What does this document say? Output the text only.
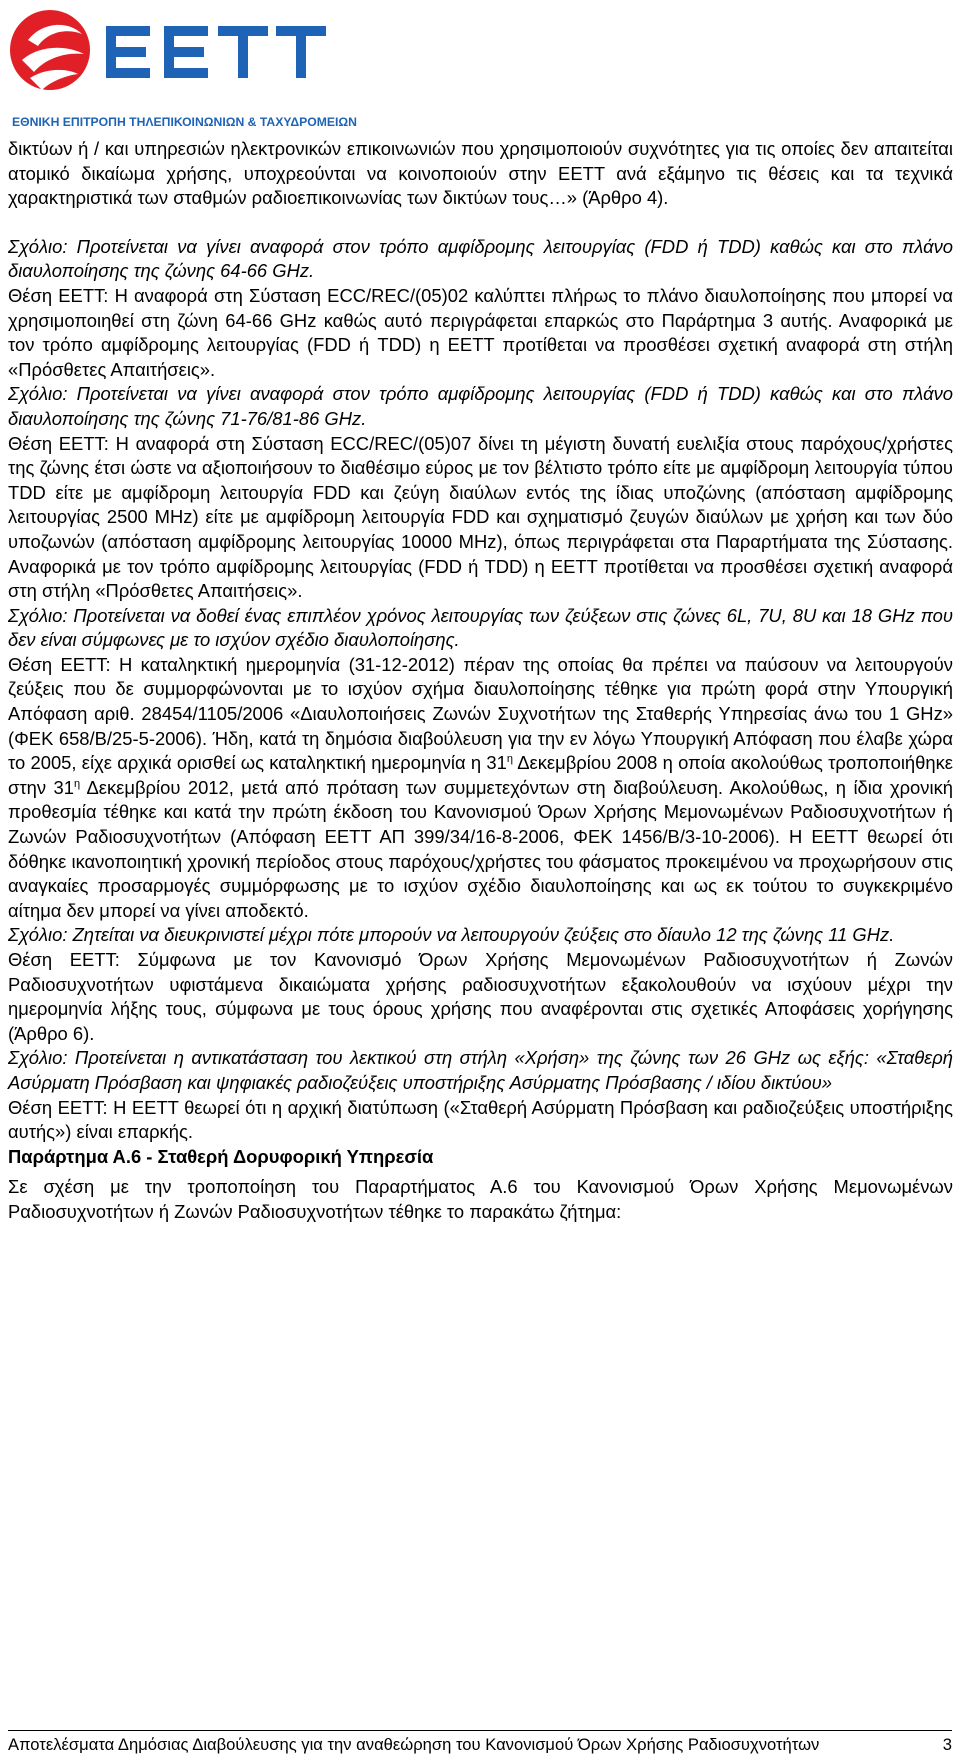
ΕΘΝΙΚΗ ΕΠΙΤΡΟΠΗ ΤΗΛΕΠΙΚΟΙΝΩΝΙΩΝ & ΤΑΧΥΔΡΟΜΕΙΩΝ

δικτύων ή / και υπηρεσιών ηλεκτρονικών επικοινωνιών που χρησιμοποιούν συχνότητες για τις οποίες δεν απαιτείται ατομικό δικαίωμα χρήσης, υποχρεούνται να κοινοποιούν στην ΕΕΤΤ ανά εξάμηνο τις θέσεις και τα τεχνικά χαρακτηριστικά των σταθμών ραδιοεπικοινωνίας των δικτύων τους…» (Άρθρο 4).

Σχόλιο: Προτείνεται να γίνει αναφορά στον τρόπο αμφίδρομης λειτουργίας (FDD ή TDD) καθώς και στο πλάνο διαυλοποίησης της ζώνης 64-66 GHz.

Θέση ΕΕΤΤ: Η αναφορά στη Σύσταση ECC/REC/(05)02 καλύπτει πλήρως το πλάνο διαυλοποίησης που μπορεί να χρησιμοποιηθεί στη ζώνη 64-66 GHz καθώς αυτό περιγράφεται επαρκώς στο Παράρτημα 3 αυτής. Αναφορικά με τον τρόπο αμφίδρομης λειτουργίας (FDD ή TDD) η ΕΕΤΤ προτίθεται να προσθέσει σχετική αναφορά στη στήλη «Πρόσθετες Απαιτήσεις».

Σχόλιο: Προτείνεται να γίνει αναφορά στον τρόπο αμφίδρομης λειτουργίας (FDD ή TDD) καθώς και στο πλάνο διαυλοποίησης της ζώνης 71-76/81-86 GHz.

Θέση ΕΕΤΤ: Η αναφορά στη Σύσταση ECC/REC/(05)07 δίνει τη μέγιστη δυνατή ευελιξία στους παρόχους/χρήστες της ζώνης έτσι ώστε να αξιοποιήσουν το διαθέσιμο εύρος με τον βέλτιστο τρόπο είτε με αμφίδρομη λειτουργία τύπου TDD είτε με αμφίδρομη λειτουργία FDD και ζεύγη διαύλων εντός της ίδιας υποζώνης (απόσταση αμφίδρομης λειτουργίας 2500 MHz) είτε με αμφίδρομη λειτουργία FDD και σχηματισμό ζευγών διαύλων με χρήση και των δύο υποζωνών (απόσταση αμφίδρομης λειτουργίας 10000 MHz), όπως περιγράφεται στα Παραρτήματα της Σύστασης. Αναφορικά με τον τρόπο αμφίδρομης λειτουργίας (FDD ή TDD) η ΕΕΤΤ προτίθεται να προσθέσει σχετική αναφορά στη στήλη «Πρόσθετες Απαιτήσεις».

Σχόλιο: Προτείνεται να δοθεί ένας επιπλέον χρόνος λειτουργίας των ζεύξεων στις ζώνες 6L, 7U, 8U και 18 GHz που δεν είναι σύμφωνες με το ισχύον σχέδιο διαυλοποίησης.

Θέση ΕΕΤΤ: Η καταληκτική ημερομηνία (31-12-2012) πέραν της οποίας θα πρέπει να παύσουν να λειτουργούν ζεύξεις που δε συμμορφώνονται με το ισχύον σχήμα διαυλοποίησης τέθηκε για πρώτη φορά στην Υπουργική Απόφαση αριθ. 28454/1105/2006 «Διαυλοποιήσεις Ζωνών Συχνοτήτων της Σταθερής Υπηρεσίας άνω του 1 GHz» (ΦΕΚ 658/Β/25-5-2006). Ήδη, κατά τη δημόσια διαβούλευση για την εν λόγω Υπουργική Απόφαση που έλαβε χώρα το 2005, είχε αρχικά ορισθεί ως καταληκτική ημερομηνία η $31^\eta$ Δεκεμβρίου 2008 η οποία ακολούθως τροποποιήθηκε στην $31^\eta$ Δεκεμβρίου 2012, μετά από πρόταση των συμμετεχόντων στη διαβούλευση. Ακολούθως, η ίδια χρονική προθεσμία τέθηκε και κατά την πρώτη έκδοση του Κανονισμού Όρων Χρήσης Μεμονωμένων Ραδιοσυχνοτήτων ή Ζωνών Ραδιοσυχνοτήτων (Απόφαση ΕΕΤΤ ΑΠ 399/34/16-8-2006, ΦΕΚ 1456/Β/3-10-2006). Η ΕΕΤΤ θεωρεί ότι δόθηκε ικανοποιητική χρονική περίοδος στους παρόχους/χρήστες του φάσματος προκειμένου να προχωρήσουν στις αναγκαίες προσαρμογές συμμόρφωσης με το ισχύον σχέδιο διαυλοποίησης και ως εκ τούτου το συγκεκριμένο αίτημα δεν μπορεί να γίνει αποδεκτό.

Σχόλιο: Ζητείται να διευκρινιστεί μέχρι πότε μπορούν να λειτουργούν ζεύξεις στο δίαυλο 12 της ζώνης 11 GHz.

Θέση ΕΕΤΤ: Σύμφωνα με τον Κανονισμό Όρων Χρήσης Μεμονωμένων Ραδιοσυχνοτήτων ή Ζωνών Ραδιοσυχνοτήτων υφιστάμενα δικαιώματα χρήσης ραδιοσυχνοτήτων εξακολουθούν να ισχύουν μέχρι την ημερομηνία λήξης τους, σύμφωνα με τους όρους χρήσης που αναφέρονται στις σχετικές Αποφάσεις χορήγησης (Άρθρο 6).

Σχόλιο: Προτείνεται η αντικατάσταση του λεκτικού στη στήλη «Χρήση» της ζώνης των 26 GHz ως εξής: «Σταθερή Ασύρματη Πρόσβαση και ψηφιακές ραδιοζεύξεις υποστήριξης Ασύρματης Πρόσβασης / ιδίου δικτύου»

Θέση ΕΕΤΤ: Η ΕΕΤΤ θεωρεί ότι η αρχική διατύπωση («Σταθερή Ασύρματη Πρόσβαση και ραδιοζεύξεις υποστήριξης αυτής») είναι επαρκής.

Παράρτημα Α.6 - Σταθερή Δορυφορική Υπηρεσία

Σε σχέση με την τροποποίηση του Παραρτήματος Α.6 του Κανονισμού Όρων Χρήσης Μεμονωμένων Ραδιοσυχνοτήτων ή Ζωνών Ραδιοσυχνοτήτων τέθηκε το παρακάτω ζήτημα:

Αποτελέσματα Δημόσιας Διαβούλευσης για την αναθεώρηση του Κανονισμού Όρων Χρήσης Ραδιοσυχνοτήτων	3
